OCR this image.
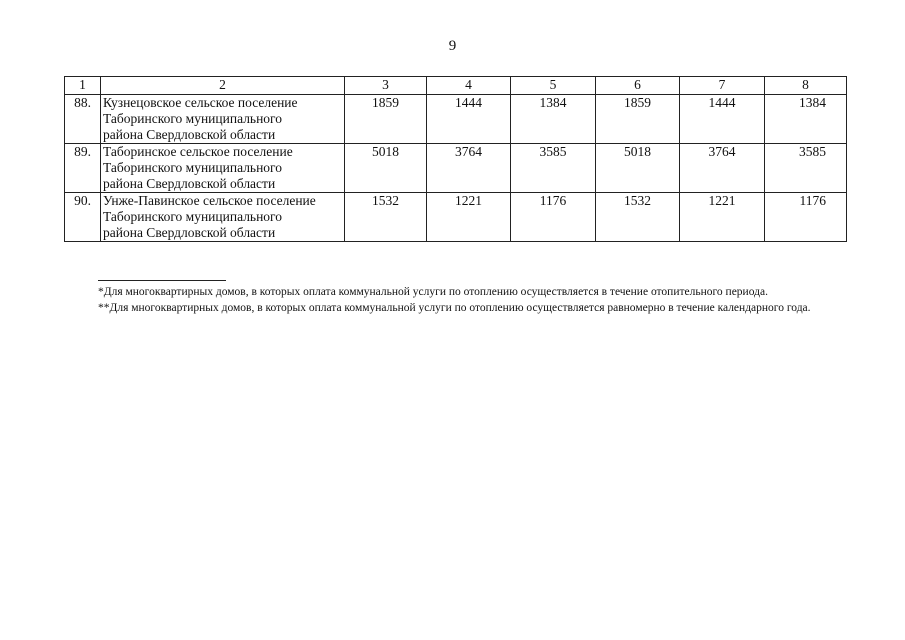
9
1	2	3	4	5	6	7	8
88.	Кузнецовское сельское поселение
Таборинского муниципального
района Свердловской области	1859	1444	1384	1859	1444	1384
89.	Таборинское сельское поселение
Таборинского муниципального
района Свердловской области	5018	3764	3585	5018	3764	3585
90.	Унже-Павинское сельское поселение
Таборинского муниципального
района Свердловской области	1532	1221	1176	1532	1221	1176

*Для многоквартирных домов, в которых оплата коммунальной услуги по отоплению осуществляется в течение отопительного периода.

**Для многоквартирных домов, в которых оплата коммунальной услуги по отоплению осуществляется равномерно в течение календарного года.
